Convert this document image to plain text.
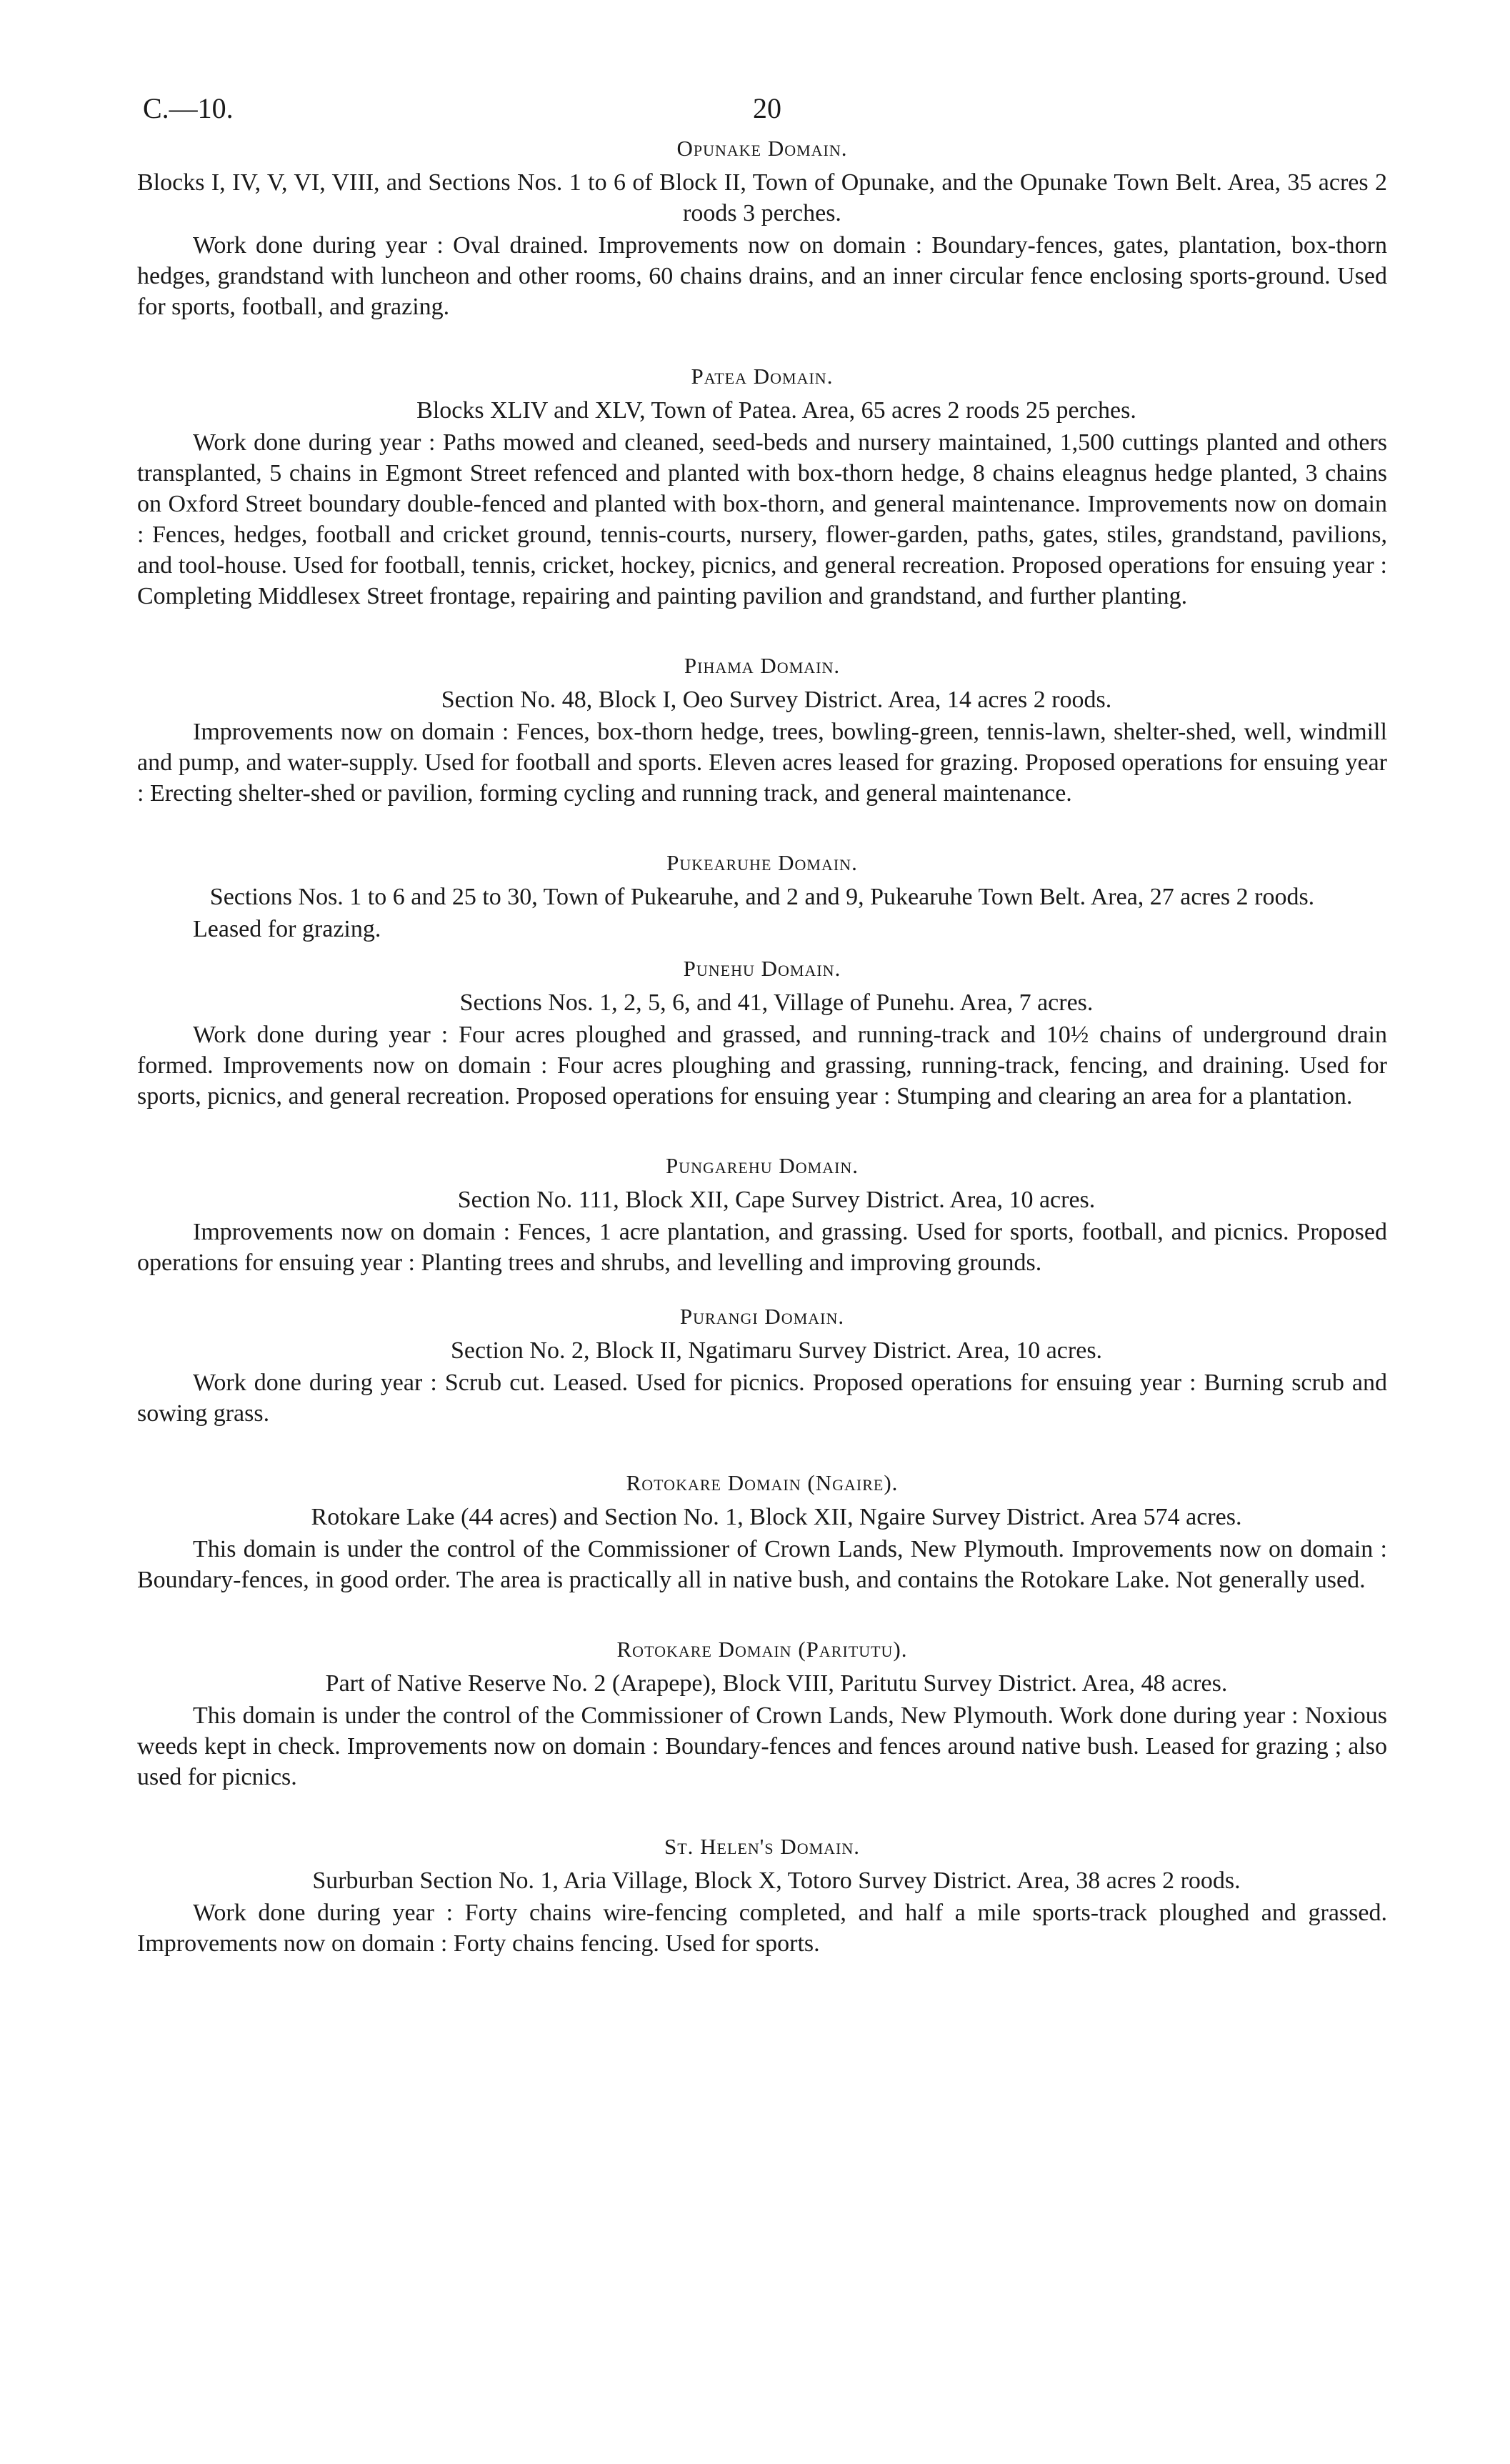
C.—10.	20
Opunake Domain.
Blocks I, IV, V, VI, VIII, and Sections Nos. 1 to 6 of Block II, Town of Opunake, and the Opunake Town Belt. Area, 35 acres 2 roods 3 perches.

Work done during year : Oval drained. Improvements now on domain : Boundary-fences, gates, plantation, box-thorn hedges, grandstand with luncheon and other rooms, 60 chains drains, and an inner circular fence enclosing sports-ground. Used for sports, football, and grazing.

Patea Domain.
Blocks XLIV and XLV, Town of Patea. Area, 65 acres 2 roods 25 perches.

Work done during year : Paths mowed and cleaned, seed-beds and nursery maintained, 1,500 cuttings planted and others transplanted, 5 chains in Egmont Street refenced and planted with box-thorn hedge, 8 chains eleagnus hedge planted, 3 chains on Oxford Street boundary double-fenced and planted with box-thorn, and general maintenance. Improvements now on domain : Fences, hedges, football and cricket ground, tennis-courts, nursery, flower-garden, paths, gates, stiles, grandstand, pavilions, and tool-house. Used for football, tennis, cricket, hockey, picnics, and general recreation. Proposed operations for ensuing year : Completing Middlesex Street frontage, repairing and painting pavilion and grandstand, and further planting.

Pihama Domain.
Section No. 48, Block I, Oeo Survey District. Area, 14 acres 2 roods.

Improvements now on domain : Fences, box-thorn hedge, trees, bowling-green, tennis-lawn, shelter-shed, well, windmill and pump, and water-supply. Used for football and sports. Eleven acres leased for grazing. Proposed operations for ensuing year : Erecting shelter-shed or pavilion, forming cycling and running track, and general maintenance.

Pukearuhe Domain.
Sections Nos. 1 to 6 and 25 to 30, Town of Pukearuhe, and 2 and 9, Pukearuhe Town Belt. Area, 27 acres 2 roods.

Leased for grazing.

Punehu Domain.
Sections Nos. 1, 2, 5, 6, and 41, Village of Punehu. Area, 7 acres.

Work done during year : Four acres ploughed and grassed, and running-track and 10½ chains of underground drain formed. Improvements now on domain : Four acres ploughing and grassing, running-track, fencing, and draining. Used for sports, picnics, and general recreation. Proposed operations for ensuing year : Stumping and clearing an area for a plantation.

Pungarehu Domain.
Section No. 111, Block XII, Cape Survey District. Area, 10 acres.

Improvements now on domain : Fences, 1 acre plantation, and grassing. Used for sports, football, and picnics. Proposed operations for ensuing year : Planting trees and shrubs, and levelling and improving grounds.

Purangi Domain.
Section No. 2, Block II, Ngatimaru Survey District. Area, 10 acres.

Work done during year : Scrub cut. Leased. Used for picnics. Proposed operations for ensuing year : Burning scrub and sowing grass.

Rotokare Domain (Ngaire).
Rotokare Lake (44 acres) and Section No. 1, Block XII, Ngaire Survey District. Area 574 acres.

This domain is under the control of the Commissioner of Crown Lands, New Plymouth. Improvements now on domain : Boundary-fences, in good order. The area is practically all in native bush, and contains the Rotokare Lake. Not generally used.

Rotokare Domain (Paritutu).
Part of Native Reserve No. 2 (Arapepe), Block VIII, Paritutu Survey District. Area, 48 acres.

This domain is under the control of the Commissioner of Crown Lands, New Plymouth. Work done during year : Noxious weeds kept in check. Improvements now on domain : Boundary-fences and fences around native bush. Leased for grazing ; also used for picnics.

St. Helen's Domain.
Surburban Section No. 1, Aria Village, Block X, Totoro Survey District. Area, 38 acres 2 roods.

Work done during year : Forty chains wire-fencing completed, and half a mile sports-track ploughed and grassed. Improvements now on domain : Forty chains fencing. Used for sports.
